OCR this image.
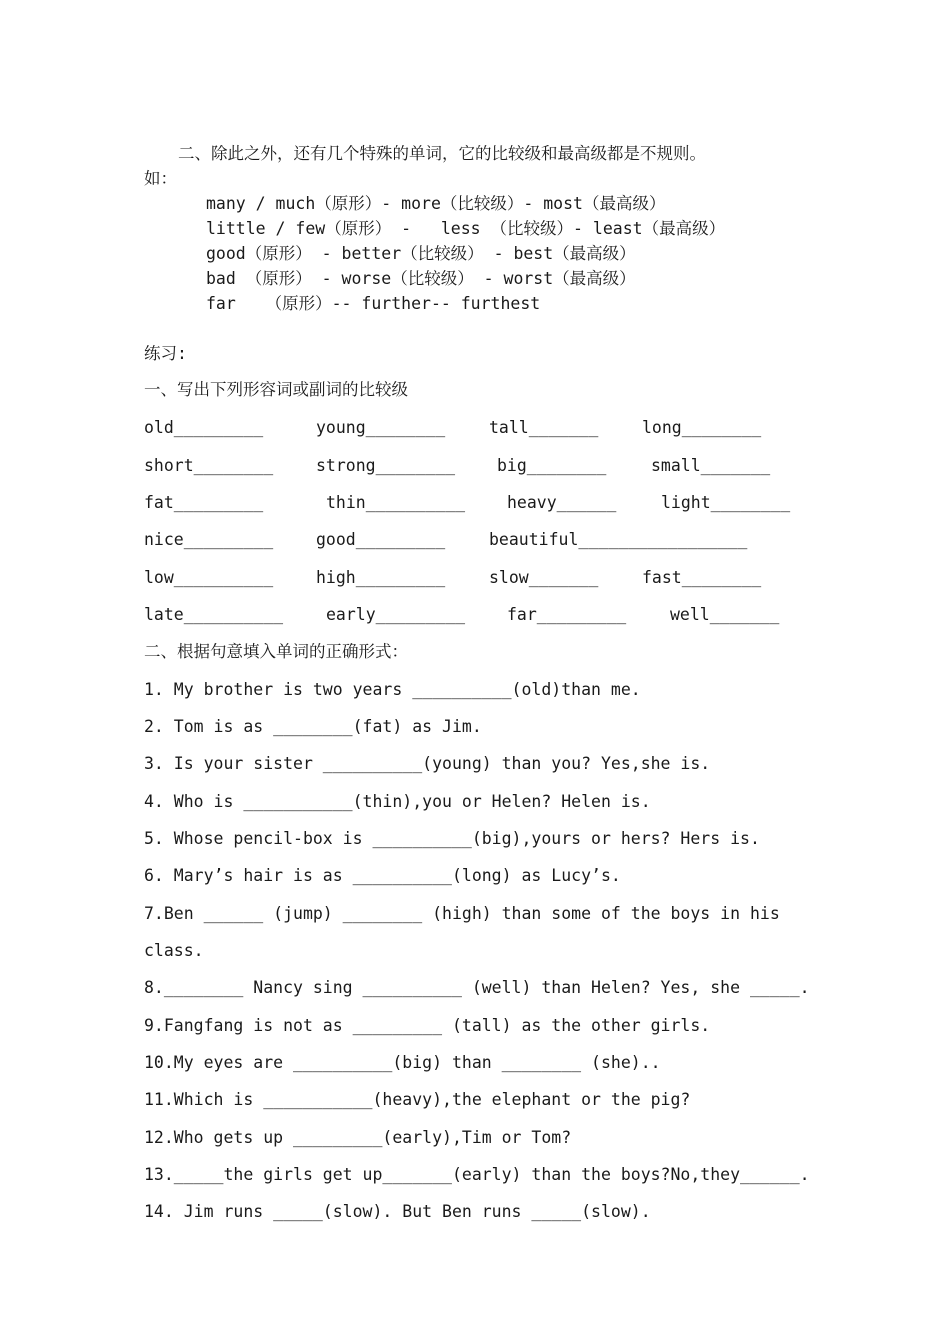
二、除此之外，还有几个特殊的单词，它的比较级和最高级都是不规则。
如：
many / much（原形）- more（比较级）- most（最高级）
little / few（原形） -   less （比较级）- least（最高级）
good（原形） - better（比较级） - best（最高级）
bad （原形） - worse（比较级） - worst（最高级）
far   （原形）-- further-- furthest
练习:
一、写出下列形容词或副词的比较级
old_________	young________	tall_______	long________
short________	strong________	big________	small_______
fat_________	thin__________	heavy______	light________
nice_________	good_________	beautiful_________________
low__________	high_________	slow_______	fast________
late__________	early_________	far_________	well_______
二、根据句意填入单词的正确形式：
1. My brother is two years __________(old)than me.
2. Tom is as ________(fat) as Jim.
3. Is your sister __________(young) than you? Yes,she is.
4. Who is ___________(thin),you or Helen? Helen is.
5. Whose pencil-box is __________(big),yours or hers? Hers is.
6. Mary’s hair is as __________(long) as Lucy’s.
7.Ben ______ (jump) ________ (high) than some of the boys in his
class.
8.________ Nancy sing __________ (well) than Helen? Yes, she _____.
9.Fangfang is not as _________ (tall) as the other girls.
10.My eyes are __________(big) than ________ (she)..
11.Which is ___________(heavy),the elephant or the pig?
12.Who gets up _________(early),Tim or Tom?
13._____the girls get up_______(early) than the boys?No,they______.
14. Jim runs _____(slow). But Ben runs _____(slow).
